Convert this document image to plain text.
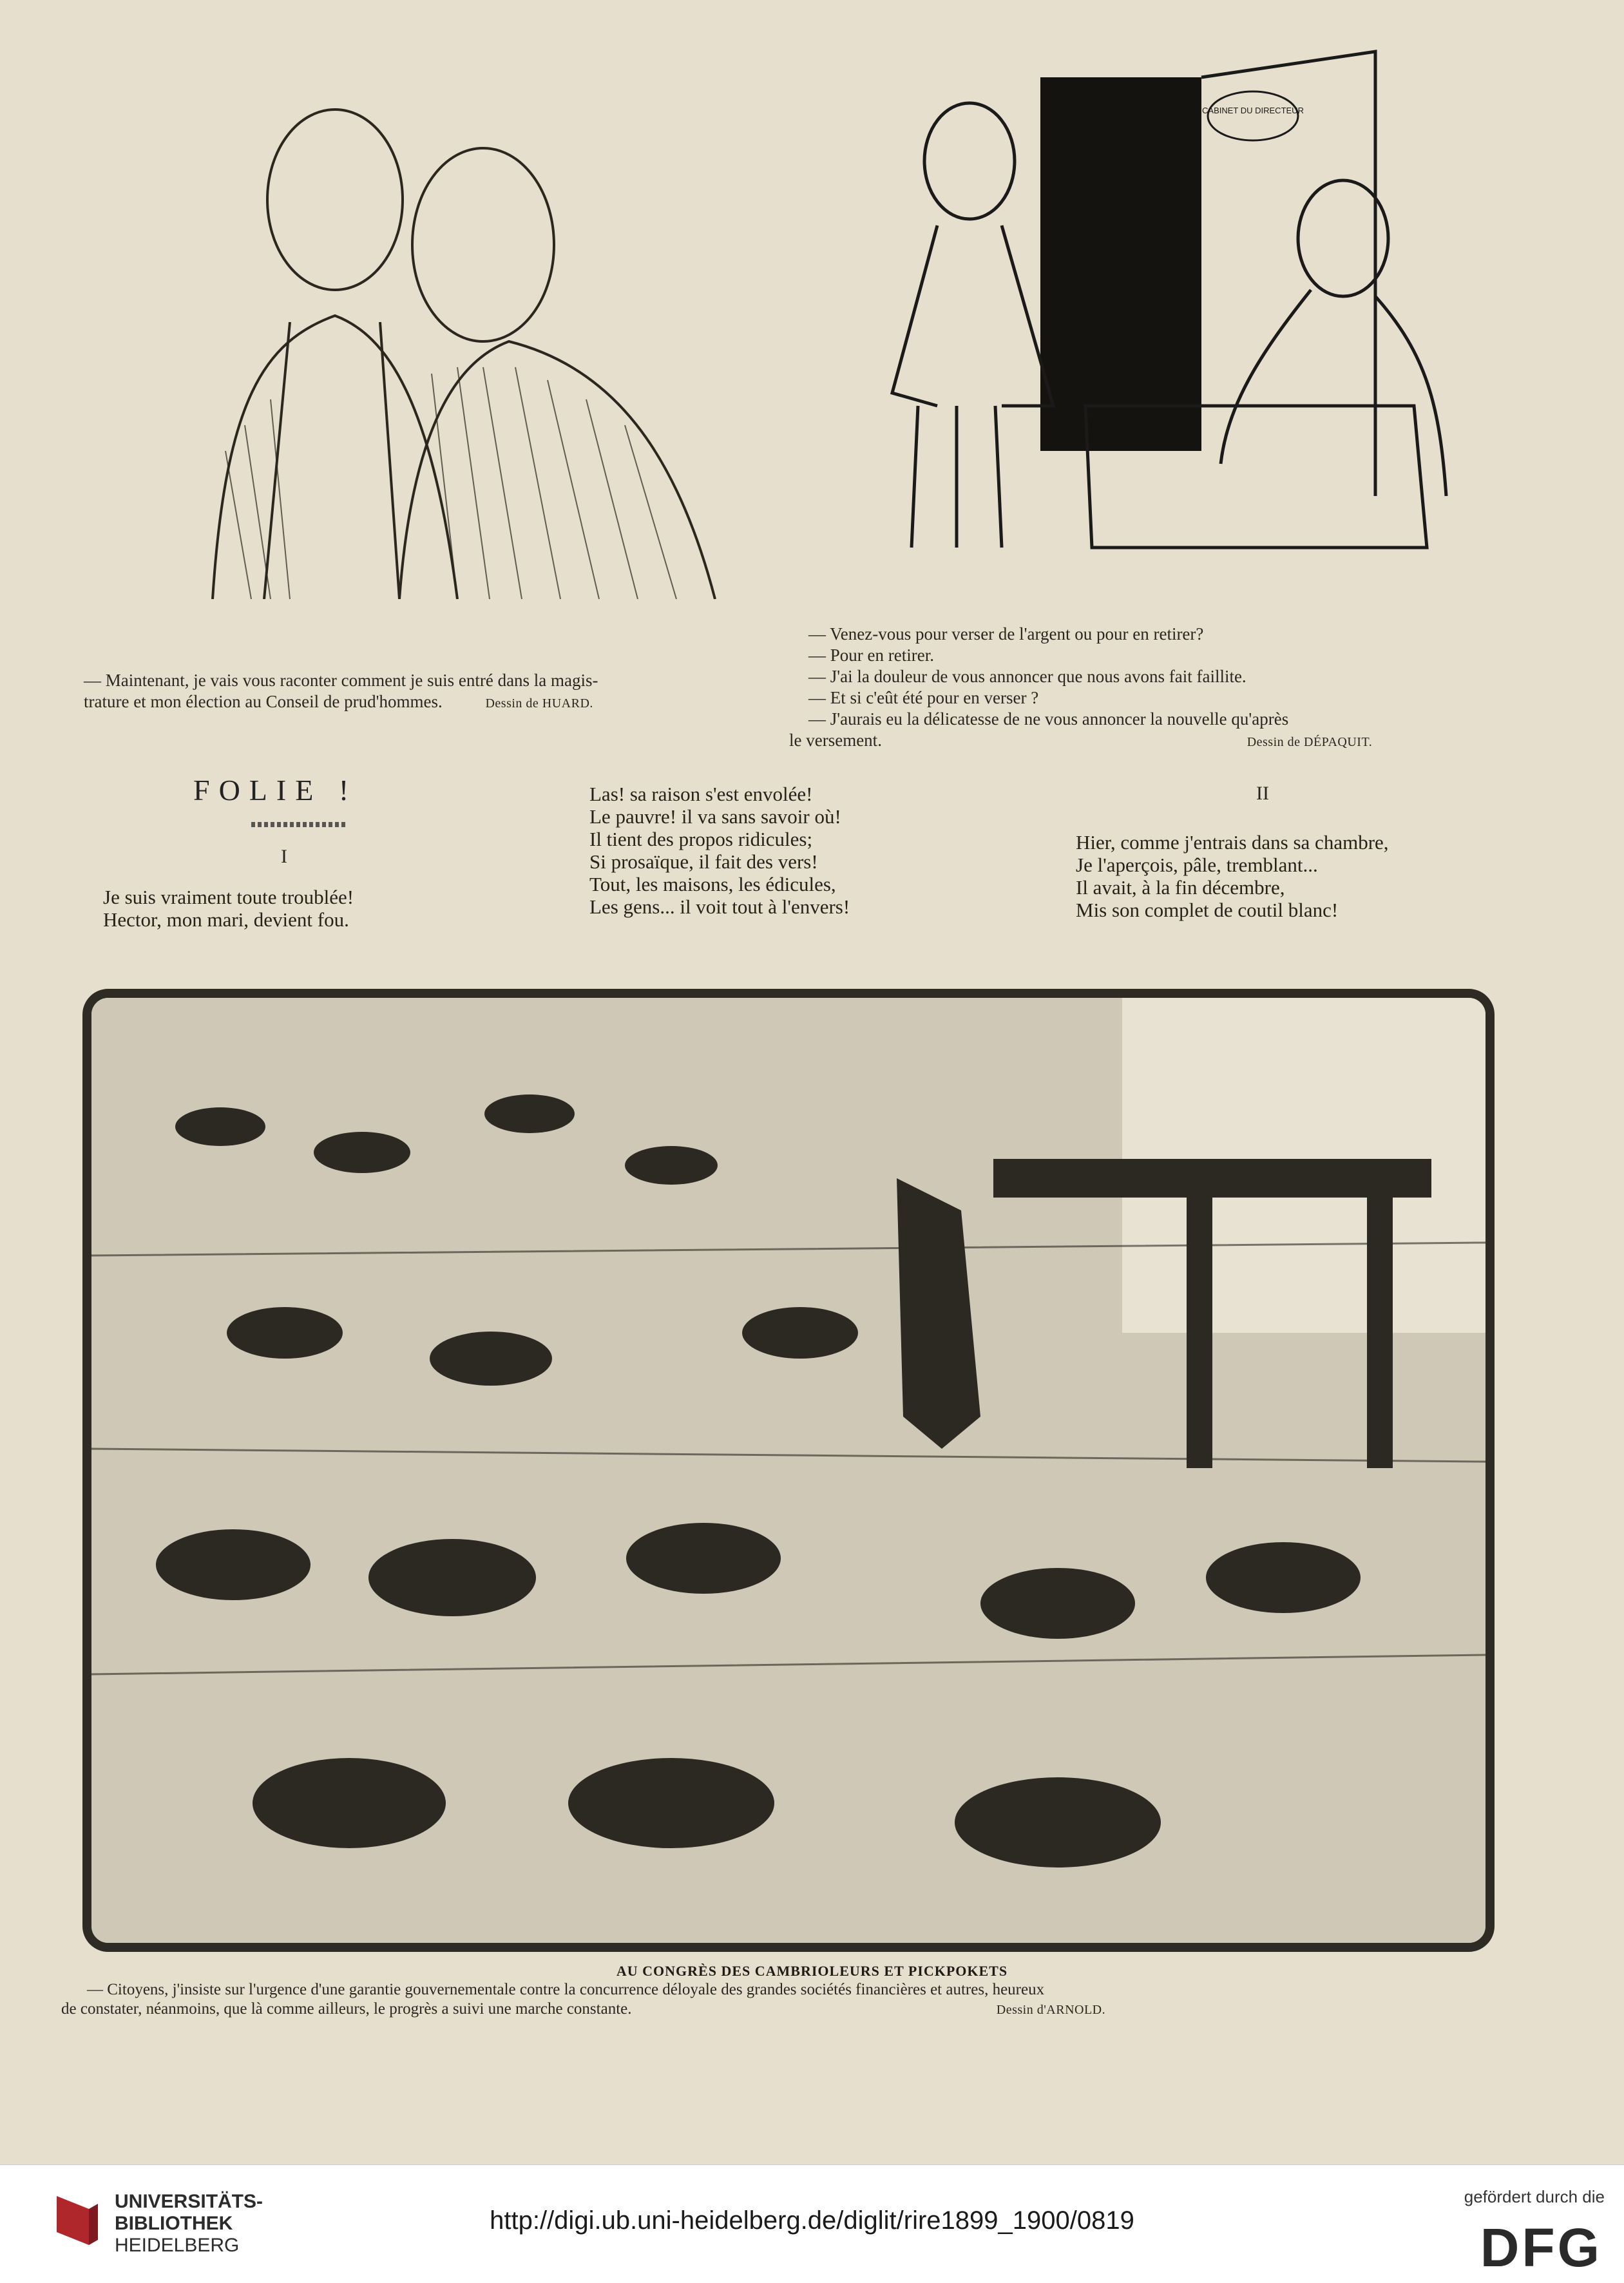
— Maintenant, je vais vous raconter comment je suis entré dans la magis-
trature et mon élection au Conseil de prud'hommes.	Dessin de HUARD.
CABINET DU DIRECTEUR
— Venez-vous pour verser de l'argent ou pour en retirer?
— Pour en retirer.
— J'ai la douleur de vous annoncer que nous avons fait faillite.
— Et si c'eût été pour en verser ?
— J'aurais eu la délicatesse de ne vous annoncer la nouvelle qu'après
le versement.	Dessin de DÉPAQUIT.
FOLIE !
I
Je suis vraiment toute troublée!
Hector, mon mari, devient fou.
Las! sa raison s'est envolée!
Le pauvre! il va sans savoir où!
Il tient des propos ridicules;
Si prosaïque, il fait des vers!
Tout, les maisons, les édicules,
Les gens... il voit tout à l'envers!
II
Hier, comme j'entrais dans sa chambre,
Je l'aperçois, pâle, tremblant...
Il avait, à la fin décembre,
Mis son complet de coutil blanc!
AU CONGRÈS DES CAMBRIOLEURS ET PICKPOKETS
— Citoyens, j'insiste sur l'urgence d'une garantie gouvernementale contre la concurrence déloyale des grandes sociétés financières et autres, heureux
de constater, néanmoins, que là comme ailleurs, le progrès a suivi une marche constante.	Dessin d'ARNOLD.
UNIVERSITÄTS-
BIBLIOTHEK
HEIDELBERG
http://digi.ub.uni-heidelberg.de/diglit/rire1899_1900/0819
gefördert durch die
DFG
